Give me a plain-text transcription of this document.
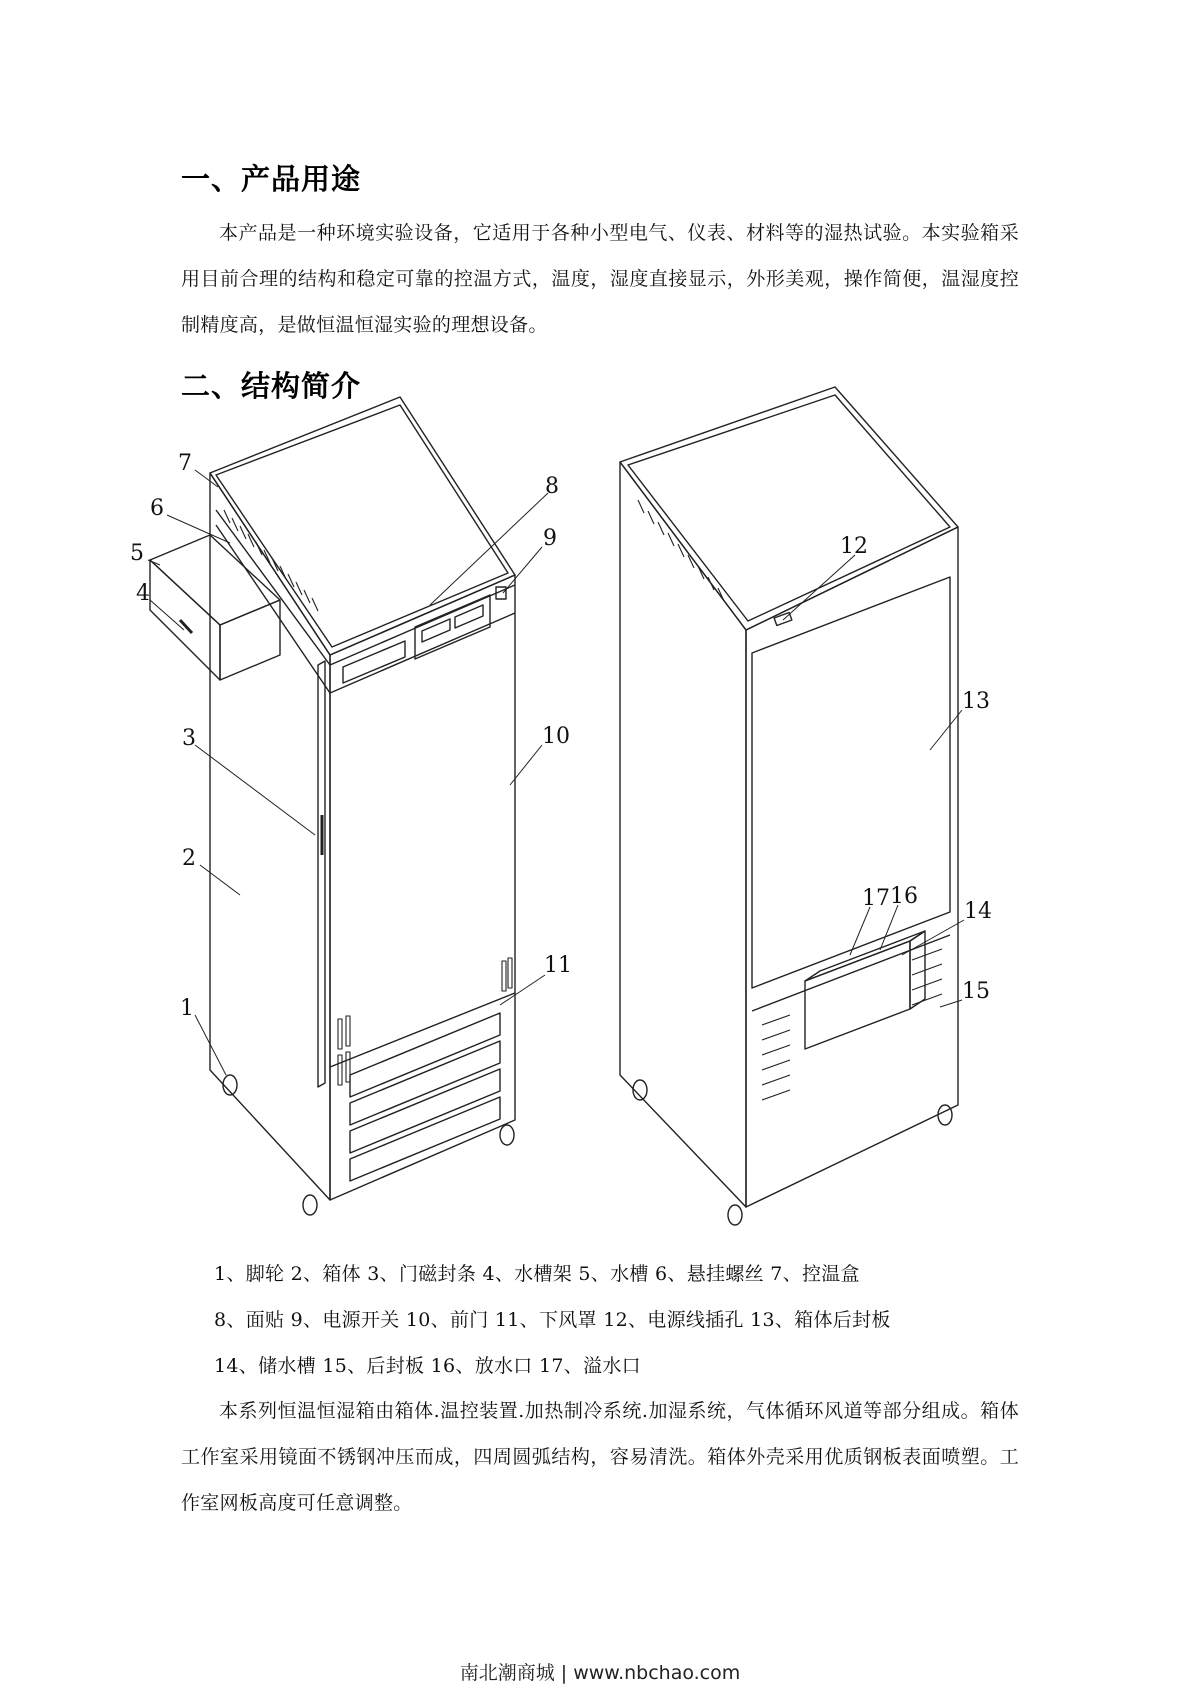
一、产品用途

本产品是一种环境实验设备，它适用于各种小型电气、仪表、材料等的湿热试验。本实验箱采用目前合理的结构和稳定可靠的控温方式，温度，湿度直接显示，外形美观，操作简便，温湿度控制精度高，是做恒温恒湿实验的理想设备。

二、结构简介
1
2
3
4
5
6
7
8
9
10
11
12
13
14
15
16
17

1、脚轮 2、箱体 3、门磁封条 4、水槽架 5、水槽 6、悬挂螺丝 7、控温盒

8、面贴 9、电源开关 10、前门 11、下风罩 12、电源线插孔 13、箱体后封板

14、储水槽 15、后封板 16、放水口 17、溢水口

本系列恒温恒湿箱由箱体.温控装置.加热制冷系统.加湿系统，气体循环风道等部分组成。箱体工作室采用镜面不锈钢冲压而成，四周圆弧结构，容易清洗。箱体外壳采用优质钢板表面喷塑。工作室网板高度可任意调整。

南北潮商城 | www.nbchao.com
